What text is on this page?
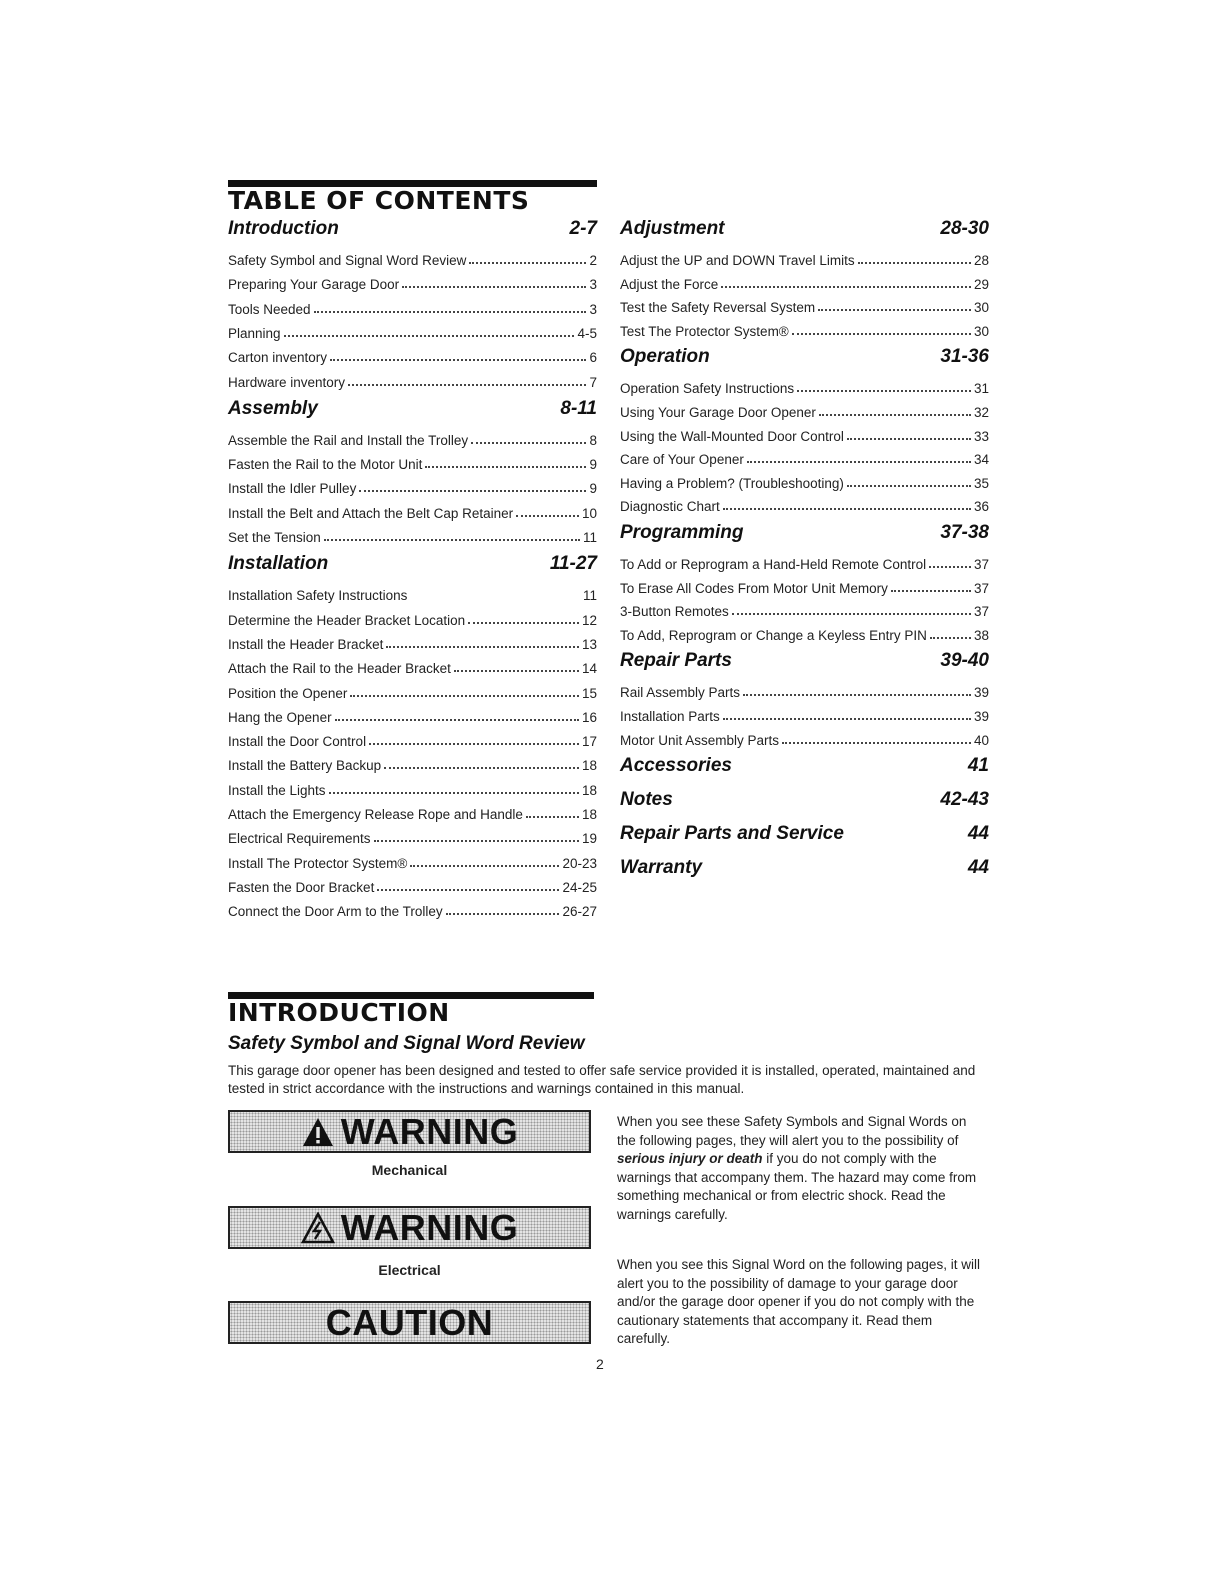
TABLE OF CONTENTS
Introduction	2-7
Safety Symbol and Signal Word Review	2
Preparing Your Garage Door	3
Tools Needed	3
Planning	4-5
Carton inventory	6
Hardware inventory	7
Assembly	8-11
Assemble the Rail and Install the Trolley	8
Fasten the Rail to the Motor Unit	9
Install the Idler Pulley	9
Install the Belt and Attach the Belt Cap Retainer	10
Set the Tension	11
Installation	11-27
Installation Safety Instructions	11
Determine the Header Bracket Location	12
Install the Header Bracket	13
Attach the Rail to the Header Bracket	14
Position the Opener	15
Hang the Opener	16
Install the Door Control	17
Install the Battery Backup	18
Install the Lights	18
Attach the Emergency Release Rope and Handle	18
Electrical Requirements	19
Install The Protector System®	20-23
Fasten the Door Bracket	24-25
Connect the Door Arm to the Trolley	26-27
Adjustment	28-30
Adjust the UP and DOWN Travel Limits	28
Adjust the Force	29
Test the Safety Reversal System	30
Test The Protector System®	30
Operation	31-36
Operation Safety Instructions	31
Using Your Garage Door Opener	32
Using the Wall-Mounted Door Control	33
Care of Your Opener	34
Having a Problem? (Troubleshooting)	35
Diagnostic Chart	36
Programming	37-38
To Add or Reprogram a Hand-Held Remote Control	37
To Erase All Codes From Motor Unit Memory	37
3-Button Remotes	37
To Add, Reprogram or Change a Keyless Entry PIN	38
Repair Parts	39-40
Rail Assembly Parts	39
Installation Parts	39
Motor Unit Assembly Parts	40
Accessories	41
Notes	42-43
Repair Parts and Service	44
Warranty	44
INTRODUCTION
Safety Symbol and Signal Word Review
This garage door opener has been designed and tested to offer safe service provided it is installed, operated, maintained and tested in strict accordance with the instructions and warnings contained in this manual.
WARNING
Mechanical
WARNING
Electrical
CAUTION
When you see these Safety Symbols and Signal Words on the following pages, they will alert you to the possibility of serious injury or death if you do not comply with the warnings that accompany them. The hazard may come from something mechanical or from electric shock. Read the warnings carefully.
When you see this Signal Word on the following pages, it will alert you to the possibility of damage to your garage door and/or the garage door opener if you do not comply with the cautionary statements that accompany it. Read them carefully.
2
